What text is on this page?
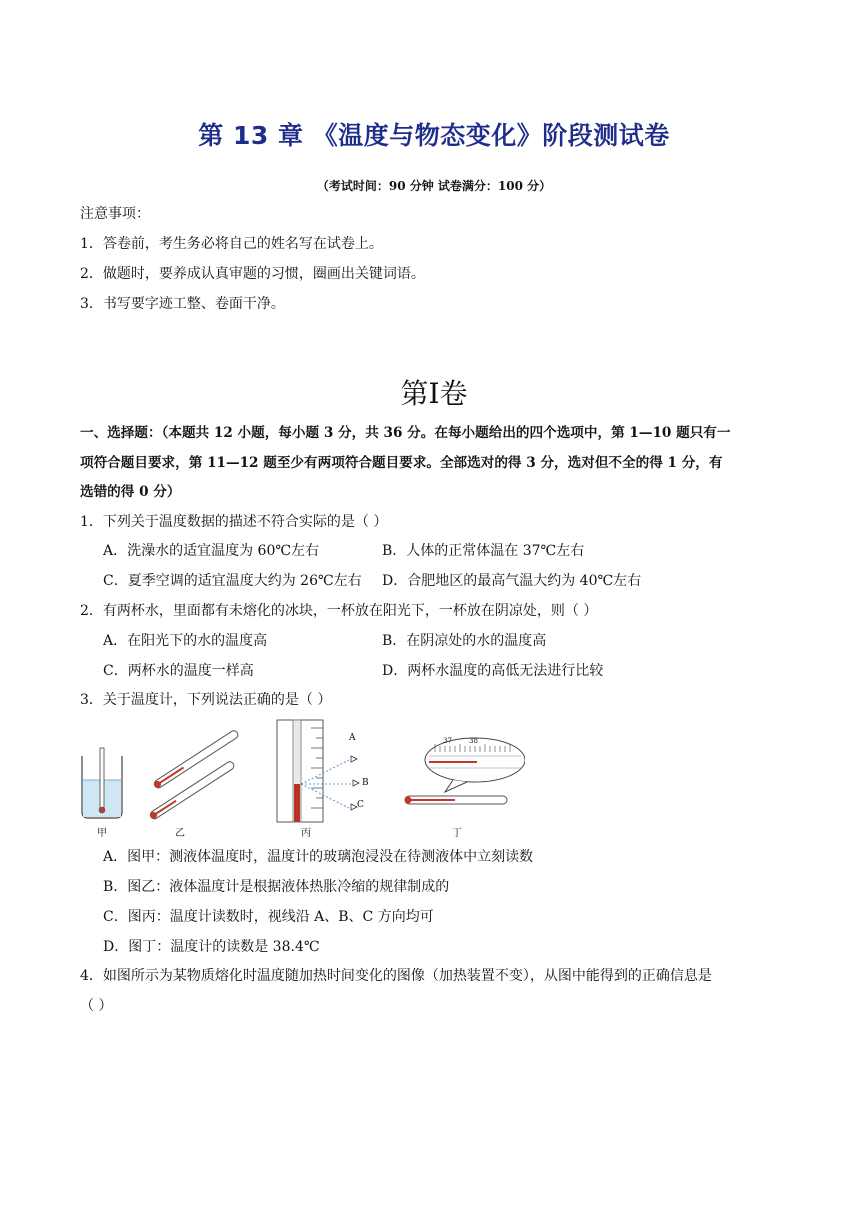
第 13 章 《温度与物态变化》阶段测试卷
（考试时间：90 分钟 试卷满分：100 分）
注意事项：
1．答卷前，考生务必将自己的姓名写在试卷上。
2．做题时，要养成认真审题的习惯，圈画出关键词语。
3．书写要字迹工整、卷面干净。
第Ⅰ卷
一、选择题：（本题共 12 小题，每小题 3 分，共 36 分。在每小题给出的四个选项中，第 1—10 题只有一
项符合题目要求，第 11—12 题至少有两项符合题目要求。全部选对的得 3 分，选对但不全的得 1 分，有
选错的得 0 分）
1．下列关于温度数据的描述不符合实际的是（ ）
A．洗澡水的适宜温度为 60℃左右	B．人体的正常体温在 37℃左右
C．夏季空调的适宜温度大约为 26℃左右 D．合肥地区的最高气温大约为 40℃左右
2．有两杯水，里面都有未熔化的冰块，一杯放在阳光下，一杯放在阴凉处，则（ ）
A．在阳光下的水的温度高	B．在阴凉处的水的温度高
C．两杯水的温度一样高	D．两杯水温度的高低无法进行比较
3．关于温度计，下列说法正确的是（ ）
A
B
C
37 38
甲	乙	丙	丁
A．图甲：测液体温度时，温度计的玻璃泡浸没在待测液体中立刻读数
B．图乙：液体温度计是根据液体热胀冷缩的规律制成的
C．图丙：温度计读数时，视线沿 A、B、C 方向均可
D．图丁：温度计的读数是 38.4℃
4．如图所示为某物质熔化时温度随加热时间变化的图像（加热装置不变），从图中能得到的正确信息是
（ ）
